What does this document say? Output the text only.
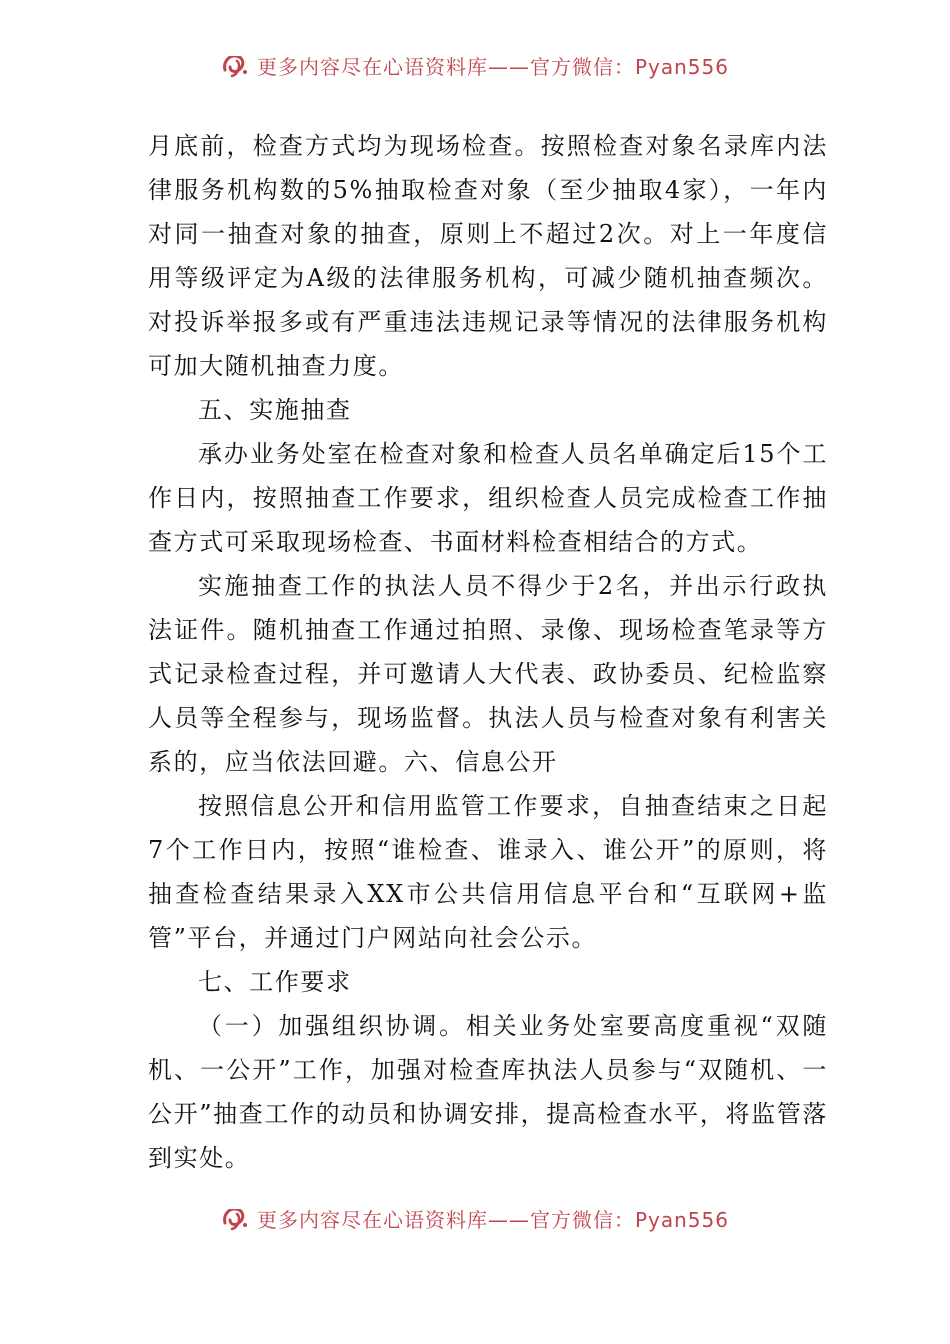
更多内容尽在心语资料库——官方微信：Pyan556

月底前，检查方式均为现场检查。按照检查对象名录库内法律服务机构数的5%抽取检查对象（至少抽取4家），一年内对同一抽查对象的抽查，原则上不超过2次。对上一年度信用等级评定为A级的法律服务机构，可减少随机抽查频次。对投诉举报多或有严重违法违规记录等情况的法律服务机构可加大随机抽查力度。

五、实施抽查

承办业务处室在检查对象和检查人员名单确定后15个工作日内，按照抽查工作要求，组织检查人员完成检查工作抽查方式可采取现场检查、书面材料检查相结合的方式。

实施抽查工作的执法人员不得少于2名，并出示行政执法证件。随机抽查工作通过拍照、录像、现场检查笔录等方式记录检查过程，并可邀请人大代表、政协委员、纪检监察人员等全程参与，现场监督。执法人员与检查对象有利害关系的，应当依法回避。六、信息公开

按照信息公开和信用监管工作要求，自抽查结束之日起7个工作日内，按照“谁检查、谁录入、谁公开”的原则，将抽查检查结果录入XX市公共信用信息平台和“互联网+监管”平台，并通过门户网站向社会公示。

七、工作要求

（一）加强组织协调。相关业务处室要高度重视“双随机、一公开”工作，加强对检查库执法人员参与“双随机、一公开”抽查工作的动员和协调安排，提高检查水平，将监管落到实处。

更多内容尽在心语资料库——官方微信：Pyan556
